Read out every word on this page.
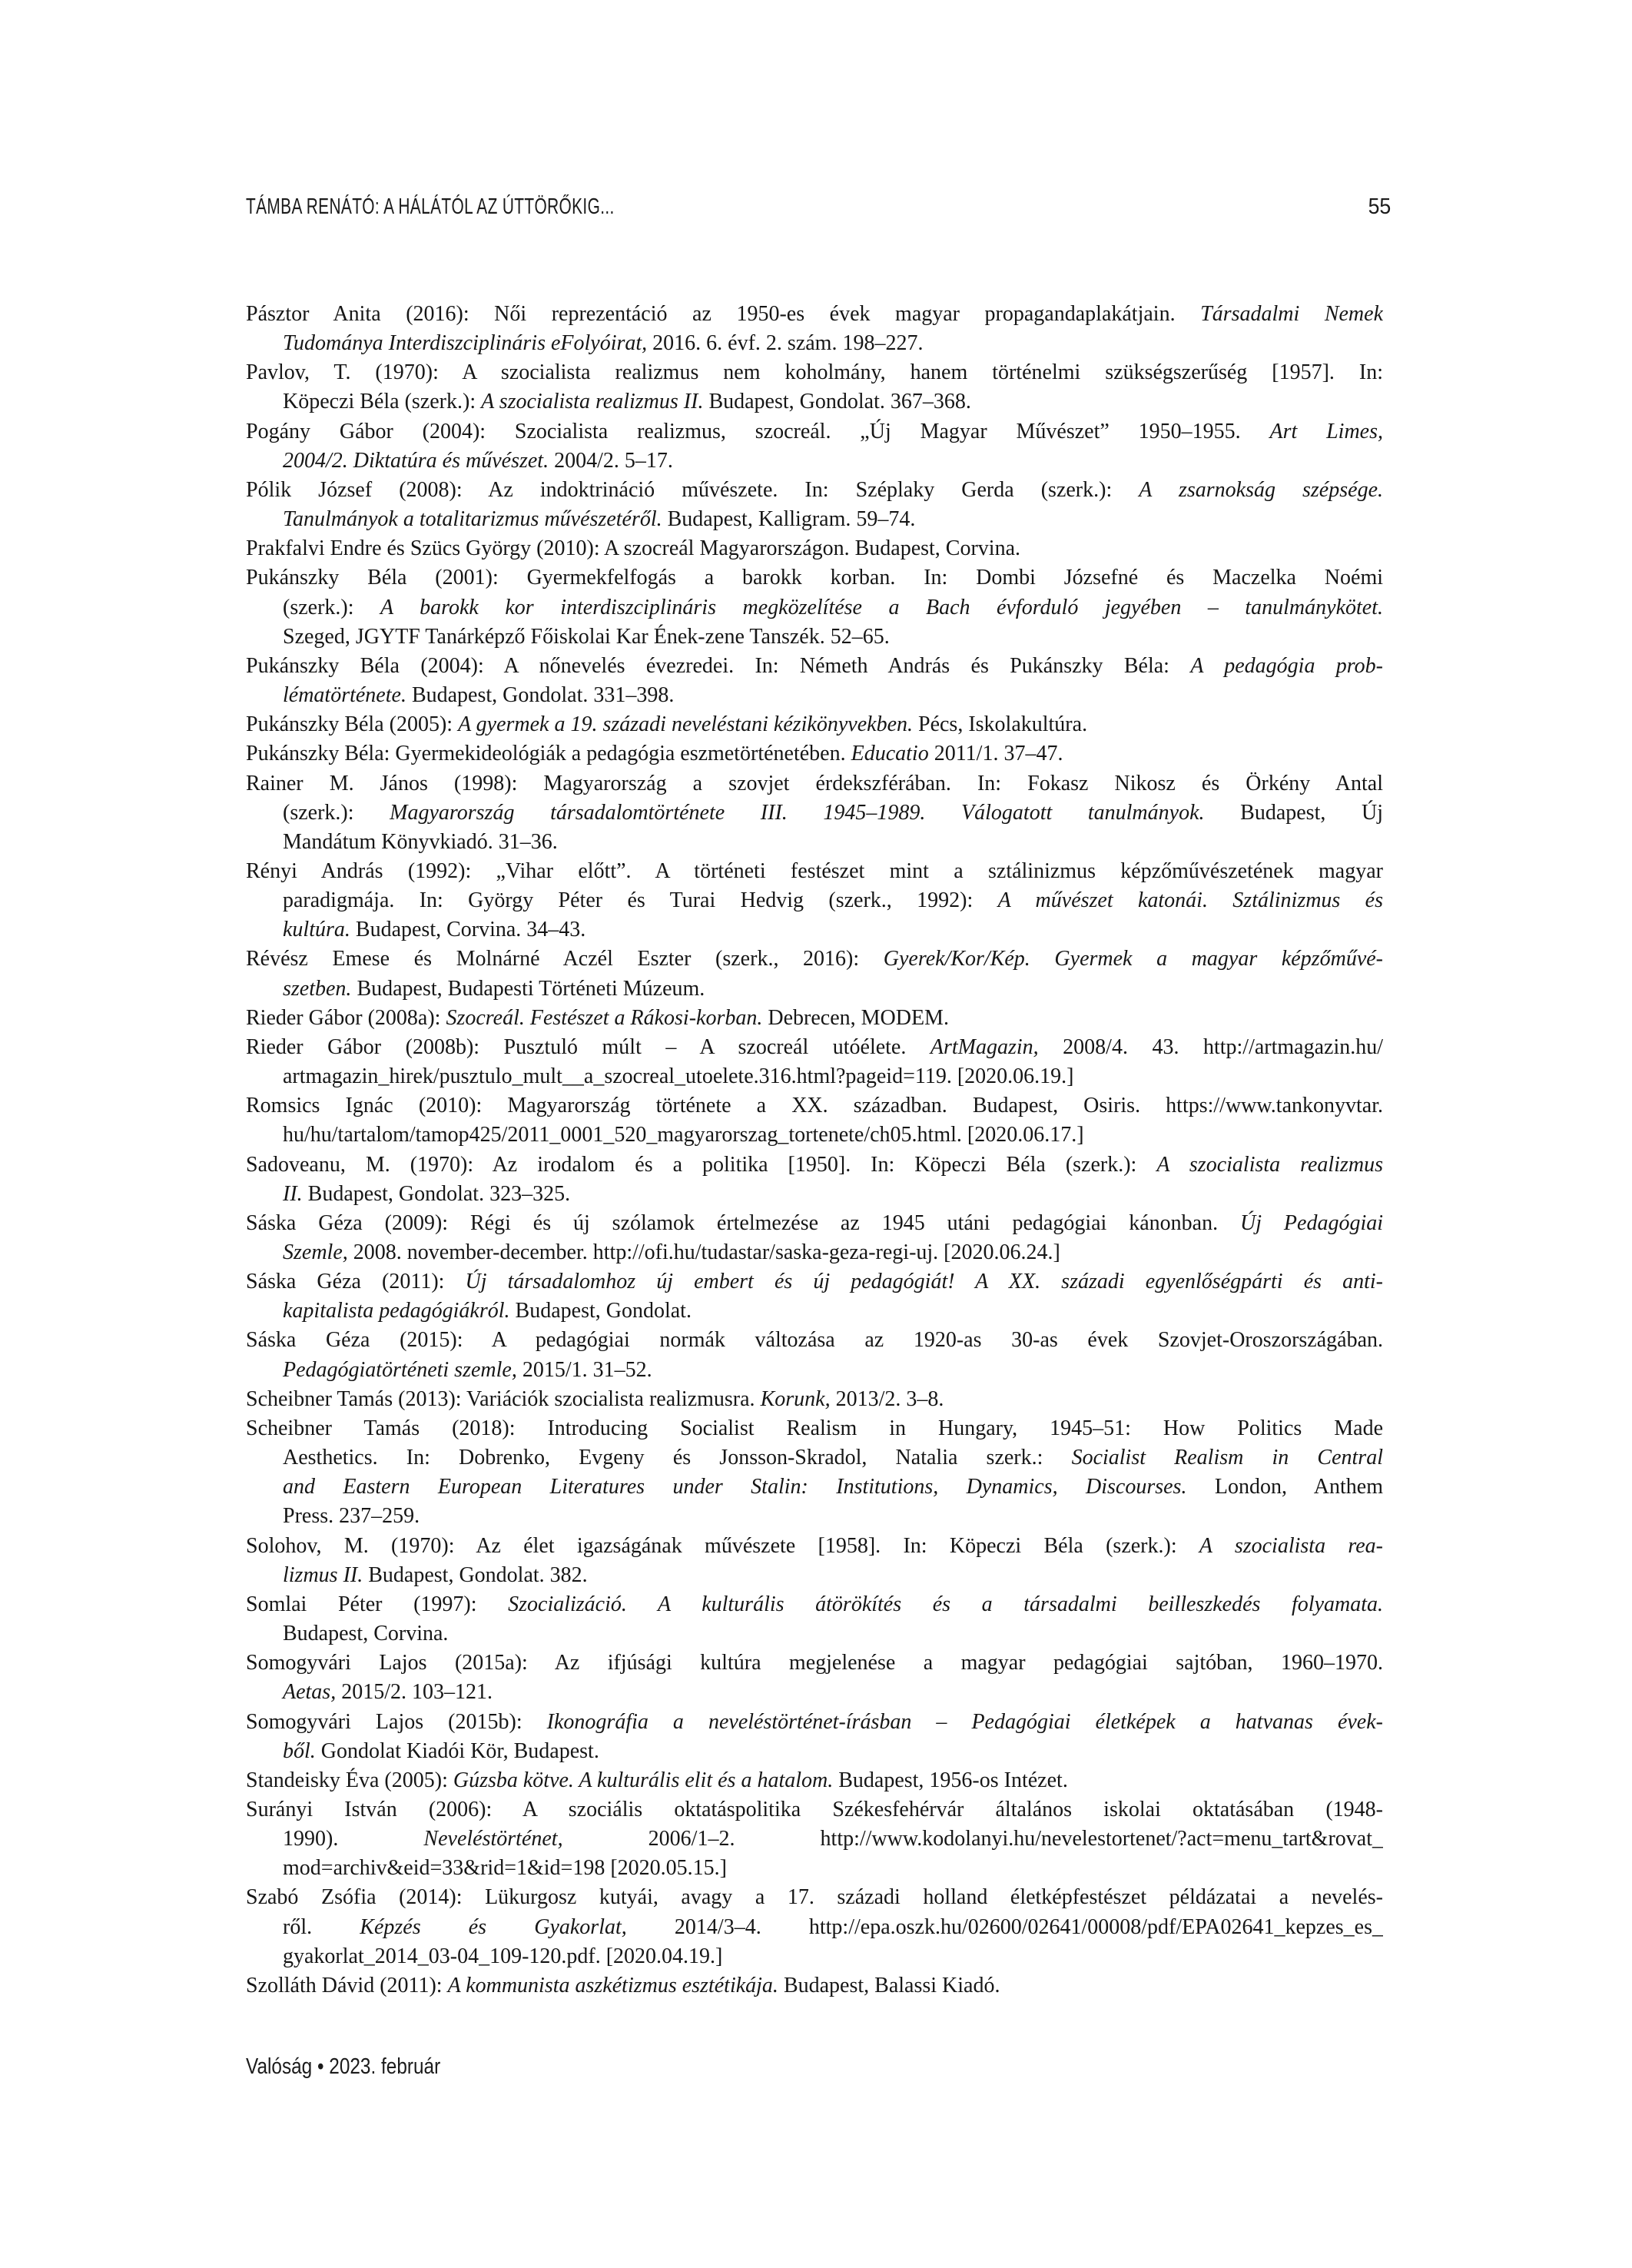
TÁMBA RENÁTÓ: A HÁLÁTÓL AZ ÚTTÖRŐKIG...	55
Pásztor Anita (2016): Női reprezentáció az 1950-es évek magyar propagandaplakátjain. Társadalmi Nemek
Tudománya Interdiszciplináris eFolyóirat, 2016. 6. évf. 2. szám. 198–227.
Pavlov, T. (1970): A szocialista realizmus nem koholmány, hanem történelmi szükségszerűség [1957]. In:
Köpeczi Béla (szerk.): A szocialista realizmus II. Budapest, Gondolat. 367–368.
Pogány Gábor (2004): Szocialista realizmus, szocreál. „Új Magyar Művészet” 1950–1955. Art Limes,
2004/2. Diktatúra és művészet. 2004/2. 5–17.
Pólik József (2008): Az indoktrináció művészete. In: Széplaky Gerda (szerk.): A zsarnokság szépsége.
Tanulmányok a totalitarizmus művészetéről. Budapest, Kalligram. 59–74.
Prakfalvi Endre és Szücs György (2010): A szocreál Magyarországon. Budapest, Corvina.
Pukánszky Béla (2001): Gyermekfelfogás a barokk korban. In: Dombi Józsefné és Maczelka Noémi
(szerk.): A barokk kor interdiszciplináris megközelítése a Bach évforduló jegyében – tanulmánykötet.
Szeged, JGYTF Tanárképző Főiskolai Kar Ének-zene Tanszék. 52–65.
Pukánszky Béla (2004): A nőnevelés évezredei. In: Németh András és Pukánszky Béla: A pedagógia prob-
lématörténete. Budapest, Gondolat. 331–398.
Pukánszky Béla (2005): A gyermek a 19. századi neveléstani kézikönyvekben. Pécs, Iskolakultúra.
Pukánszky Béla: Gyermekideológiák a pedagógia eszmetörténetében. Educatio 2011/1. 37–47.
Rainer M. János (1998): Magyarország a szovjet érdekszférában. In: Fokasz Nikosz és Örkény Antal
(szerk.): Magyarország társadalomtörténete III. 1945–1989. Válogatott tanulmányok. Budapest, Új
Mandátum Könyvkiadó. 31–36.
Rényi András (1992): „Vihar előtt”. A történeti festészet mint a sztálinizmus képzőművészetének magyar
paradigmája. In: György Péter és Turai Hedvig (szerk., 1992): A művészet katonái. Sztálinizmus és
kultúra. Budapest, Corvina. 34–43.
Révész Emese és Molnárné Aczél Eszter (szerk., 2016): Gyerek/Kor/Kép. Gyermek a magyar képzőművé-
szetben. Budapest, Budapesti Történeti Múzeum.
Rieder Gábor (2008a): Szocreál. Festészet a Rákosi-korban. Debrecen, MODEM.
Rieder Gábor (2008b): Pusztuló múlt – A szocreál utóélete. ArtMagazin, 2008/4. 43. http://artmagazin.hu/
artmagazin_hirek/pusztulo_mult__a_szocreal_utoelete.316.html?pageid=119. [2020.06.19.]
Romsics Ignác (2010): Magyarország története a XX. században. Budapest, Osiris. https://www.tankonyvtar.
hu/hu/tartalom/tamop425/2011_0001_520_magyarorszag_tortenete/ch05.html. [2020.06.17.]
Sadoveanu, M. (1970): Az irodalom és a politika [1950]. In: Köpeczi Béla (szerk.): A szocialista realizmus
II. Budapest, Gondolat. 323–325.
Sáska Géza (2009): Régi és új szólamok értelmezése az 1945 utáni pedagógiai kánonban. Új Pedagógiai
Szemle, 2008. november-december. http://ofi.hu/tudastar/saska-geza-regi-uj. [2020.06.24.]
Sáska Géza (2011): Új társadalomhoz új embert és új pedagógiát! A XX. századi egyenlőségpárti és anti-
kapitalista pedagógiákról. Budapest, Gondolat.
Sáska Géza (2015): A pedagógiai normák változása az 1920-as 30-as évek Szovjet-Oroszországában.
Pedagógiatörténeti szemle, 2015/1. 31–52.
Scheibner Tamás (2013): Variációk szocialista realizmusra. Korunk, 2013/2. 3–8.
Scheibner Tamás (2018): Introducing Socialist Realism in Hungary, 1945–51: How Politics Made
Aesthetics. In: Dobrenko, Evgeny és Jonsson-Skradol, Natalia szerk.: Socialist Realism in Central
and Eastern European Literatures under Stalin: Institutions, Dynamics, Discourses. London, Anthem
Press. 237–259.
Solohov, M. (1970): Az élet igazságának művészete [1958]. In: Köpeczi Béla (szerk.): A szocialista rea-
lizmus II. Budapest, Gondolat. 382.
Somlai Péter (1997): Szocializáció. A kulturális átörökítés és a társadalmi beilleszkedés folyamata.
Budapest, Corvina.
Somogyvári Lajos (2015a): Az ifjúsági kultúra megjelenése a magyar pedagógiai sajtóban, 1960–1970.
Aetas, 2015/2. 103–121.
Somogyvári Lajos (2015b): Ikonográfia a neveléstörténet-írásban – Pedagógiai életképek a hatvanas évek-
ből. Gondolat Kiadói Kör, Budapest.
Standeisky Éva (2005): Gúzsba kötve. A kulturális elit és a hatalom. Budapest, 1956-os Intézet.
Surányi István (2006): A szociális oktatáspolitika Székesfehérvár általános iskolai oktatásában (1948-
1990). Neveléstörténet, 2006/1–2. http://www.kodolanyi.hu/nevelestortenet/?act=menu_tart&rovat_
mod=archiv&eid=33&rid=1&id=198 [2020.05.15.]
Szabó Zsófia (2014): Lükurgosz kutyái, avagy a 17. századi holland életképfestészet példázatai a nevelés-
ről. Képzés és Gyakorlat, 2014/3–4. http://epa.oszk.hu/02600/02641/00008/pdf/EPA02641_kepzes_es_
gyakorlat_2014_03-04_109-120.pdf. [2020.04.19.]
Szolláth Dávid (2011): A kommunista aszkétizmus esztétikája. Budapest, Balassi Kiadó.
Valóság • 2023. február
